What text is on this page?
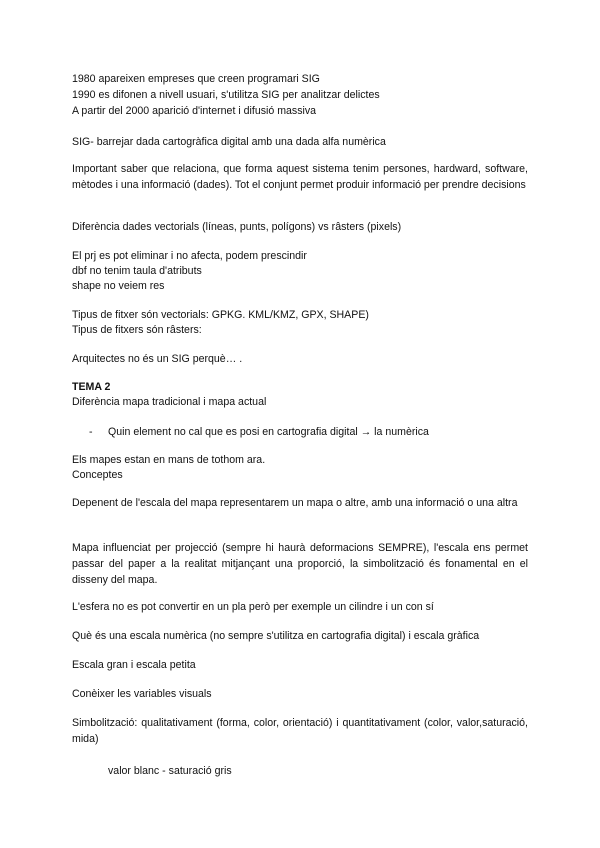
1980 apareixen empreses que creen programari SIG
1990 es difonen a nivell usuari, s'utilitza SIG per analitzar delictes
A partir del 2000 aparició d'internet i difusió massiva
SIG- barrejar dada cartogràfica digital amb una dada alfa numèrica
Important saber que relaciona, que forma aquest sistema tenim persones, hardward, software, mètodes i una informació (dades). Tot el conjunt permet produir informació per prendre decisions
Diferència dades vectorials (líneas, punts, polígons) vs râsters (pixels)
El prj es pot eliminar i no afecta, podem prescindir
dbf no tenim taula d'atributs
shape no veiem res
Tipus de fitxer són vectorials: GPKG. KML/KMZ, GPX, SHAPE)
Tipus de fitxers són râsters:
Arquitectes no és un SIG perquè… .
TEMA 2
Diferència mapa tradicional i mapa actual
- Quin element no cal que es posi en cartografia digital → la numèrica
Els mapes estan en mans de tothom ara.
Conceptes
Depenent de l'escala del mapa representarem un mapa o altre, amb una informació o una altra
Mapa influenciat per projecció (sempre hi haurà deformacions SEMPRE), l'escala ens permet passar del paper a la realitat mitjançant una proporció, la simbolització és fonamental en el disseny del mapa.
L'esfera no es pot convertir en un pla però per exemple un cilindre i un con sí
Què és una escala numèrica (no sempre s'utilitza en cartografia digital) i escala gràfica
Escala gran i escala petita
Conèixer les variables visuals
Simbolització: qualitativament (forma, color, orientació) i quantitativament (color, valor,saturació, mida)
valor blanc - saturació gris
